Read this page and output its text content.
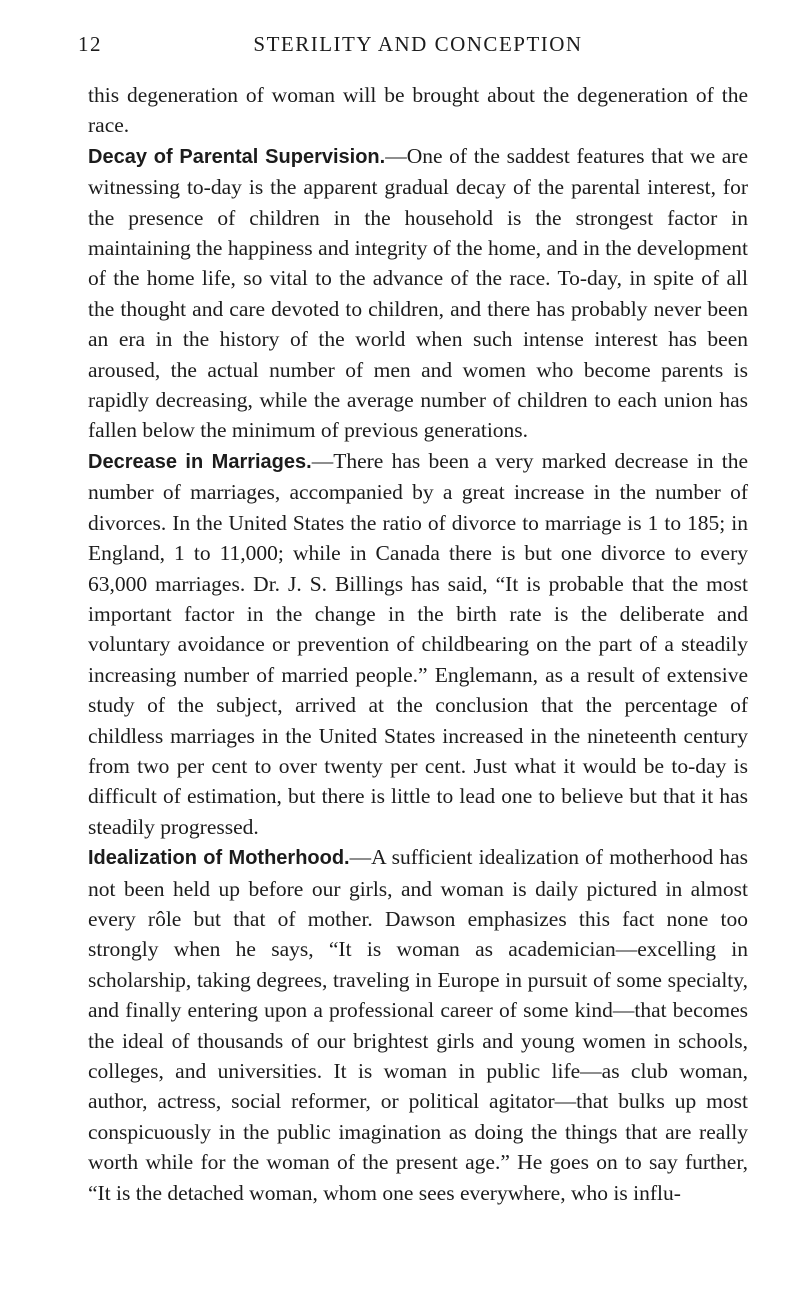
12	STERILITY AND CONCEPTION

this degeneration of woman will be brought about the degeneration of the race.

Decay of Parental Supervision.—One of the saddest features that we are witnessing to-day is the apparent gradual decay of the parental interest, for the presence of children in the household is the strongest factor in maintaining the happiness and integrity of the home, and in the development of the home life, so vital to the advance of the race. To-day, in spite of all the thought and care devoted to children, and there has probably never been an era in the history of the world when such intense interest has been aroused, the actual number of men and women who become parents is rapidly decreasing, while the average number of children to each union has fallen below the minimum of previous generations.

Decrease in Marriages.—There has been a very marked decrease in the number of marriages, accompanied by a great increase in the number of divorces. In the United States the ratio of divorce to marriage is 1 to 185; in England, 1 to 11,000; while in Canada there is but one divorce to every 63,000 marriages. Dr. J. S. Billings has said, “It is probable that the most important factor in the change in the birth rate is the deliberate and voluntary avoidance or prevention of childbearing on the part of a steadily increasing number of married people.” Englemann, as a result of extensive study of the subject, arrived at the conclusion that the percentage of childless marriages in the United States increased in the nineteenth century from two per cent to over twenty per cent. Just what it would be to-day is difficult of estimation, but there is little to lead one to believe but that it has steadily progressed.

Idealization of Motherhood.—A sufficient idealization of motherhood has not been held up before our girls, and woman is daily pictured in almost every rôle but that of mother. Dawson emphasizes this fact none too strongly when he says, “It is woman as academician—excelling in scholarship, taking degrees, traveling in Europe in pursuit of some specialty, and finally entering upon a professional career of some kind—that becomes the ideal of thousands of our brightest girls and young women in schools, colleges, and universities. It is woman in public life—as club woman, author, actress, social reformer, or political agitator—that bulks up most conspicuously in the public imagination as doing the things that are really worth while for the woman of the present age.” He goes on to say further, “It is the detached woman, whom one sees everywhere, who is influ-
